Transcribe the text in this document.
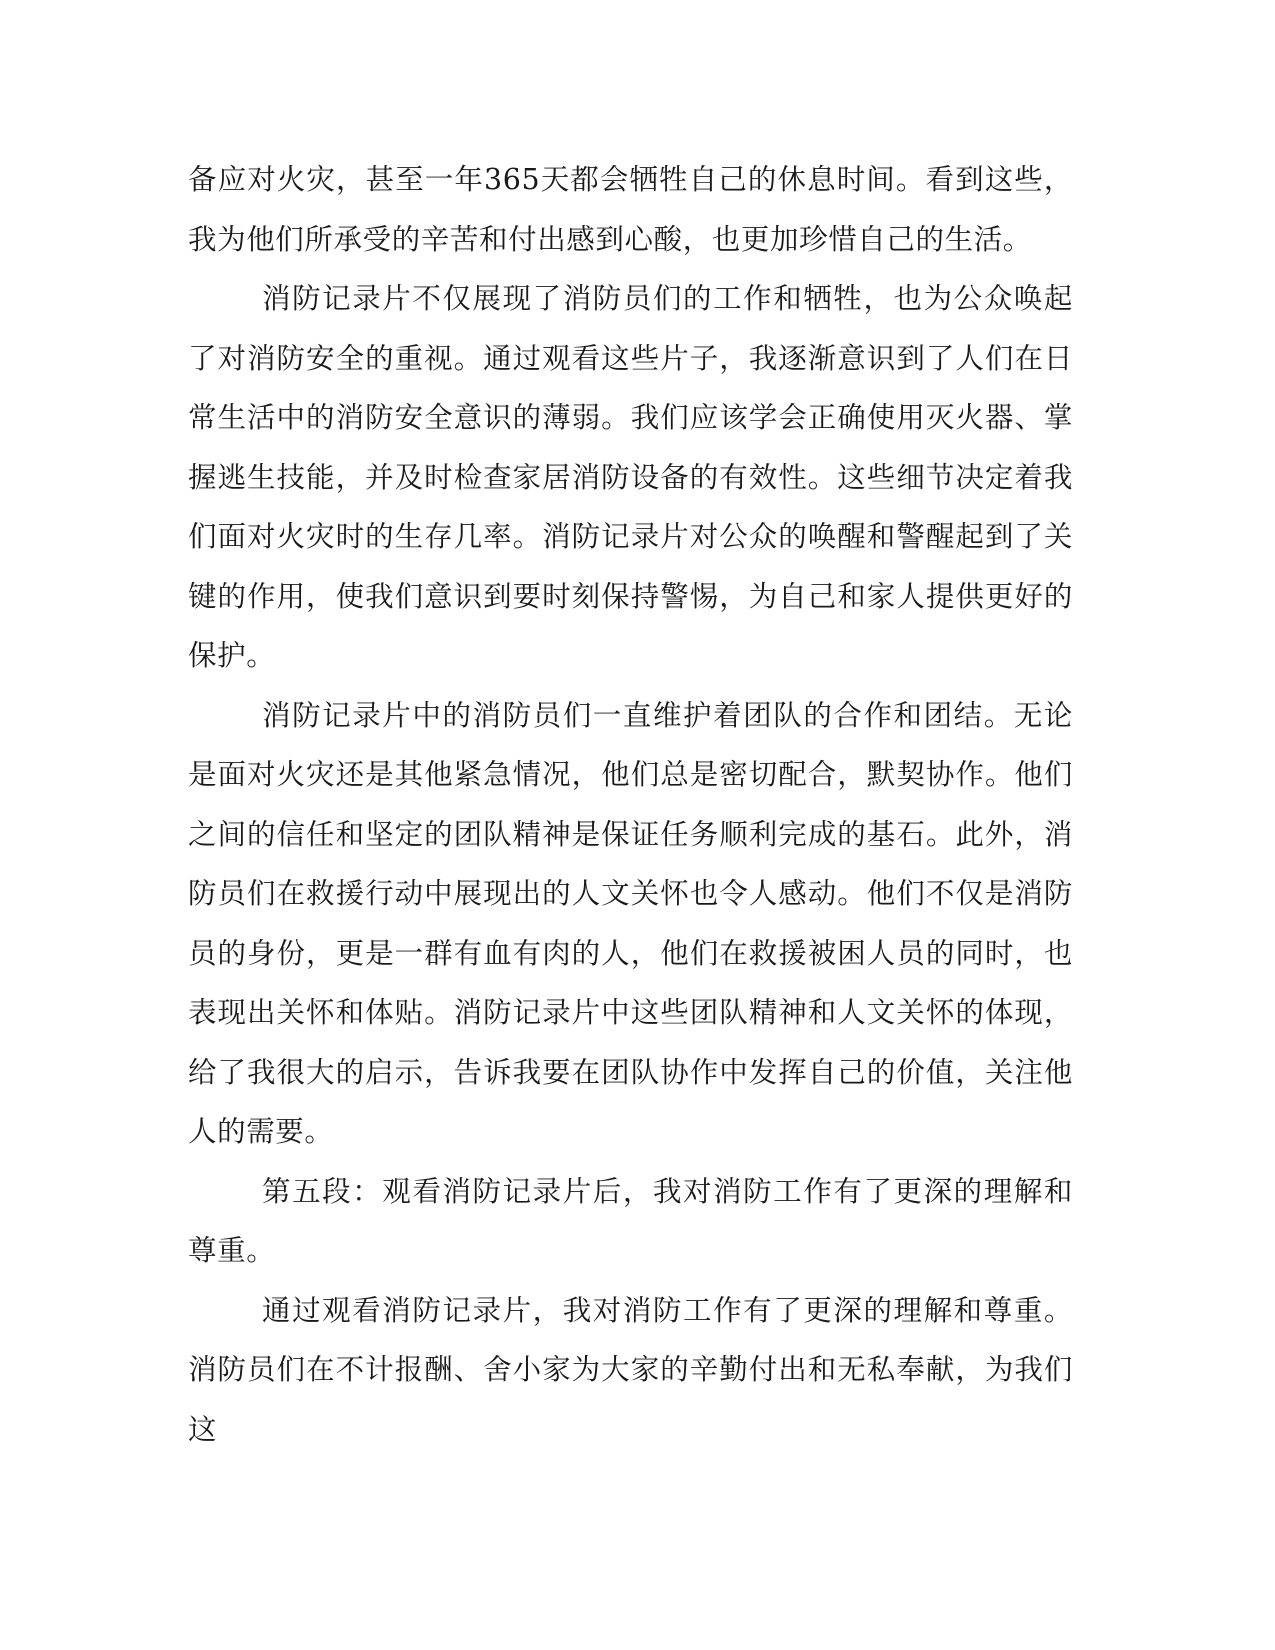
备应对火灾，甚至一年365天都会牺牲自己的休息时间。看到这些，我为他们所承受的辛苦和付出感到心酸，也更加珍惜自己的生活。

消防记录片不仅展现了消防员们的工作和牺牲，也为公众唤起了对消防安全的重视。通过观看这些片子，我逐渐意识到了人们在日常生活中的消防安全意识的薄弱。我们应该学会正确使用灭火器、掌握逃生技能，并及时检查家居消防设备的有效性。这些细节决定着我们面对火灾时的生存几率。消防记录片对公众的唤醒和警醒起到了关键的作用，使我们意识到要时刻保持警惕，为自己和家人提供更好的保护。

消防记录片中的消防员们一直维护着团队的合作和团结。无论是面对火灾还是其他紧急情况，他们总是密切配合，默契协作。他们之间的信任和坚定的团队精神是保证任务顺利完成的基石。此外，消防员们在救援行动中展现出的人文关怀也令人感动。他们不仅是消防员的身份，更是一群有血有肉的人，他们在救援被困人员的同时，也表现出关怀和体贴。消防记录片中这些团队精神和人文关怀的体现，给了我很大的启示，告诉我要在团队协作中发挥自己的价值，关注他人的需要。

第五段：观看消防记录片后，我对消防工作有了更深的理解和尊重。

通过观看消防记录片，我对消防工作有了更深的理解和尊重。消防员们在不计报酬、舍小家为大家的辛勤付出和无私奉献，为我们这
